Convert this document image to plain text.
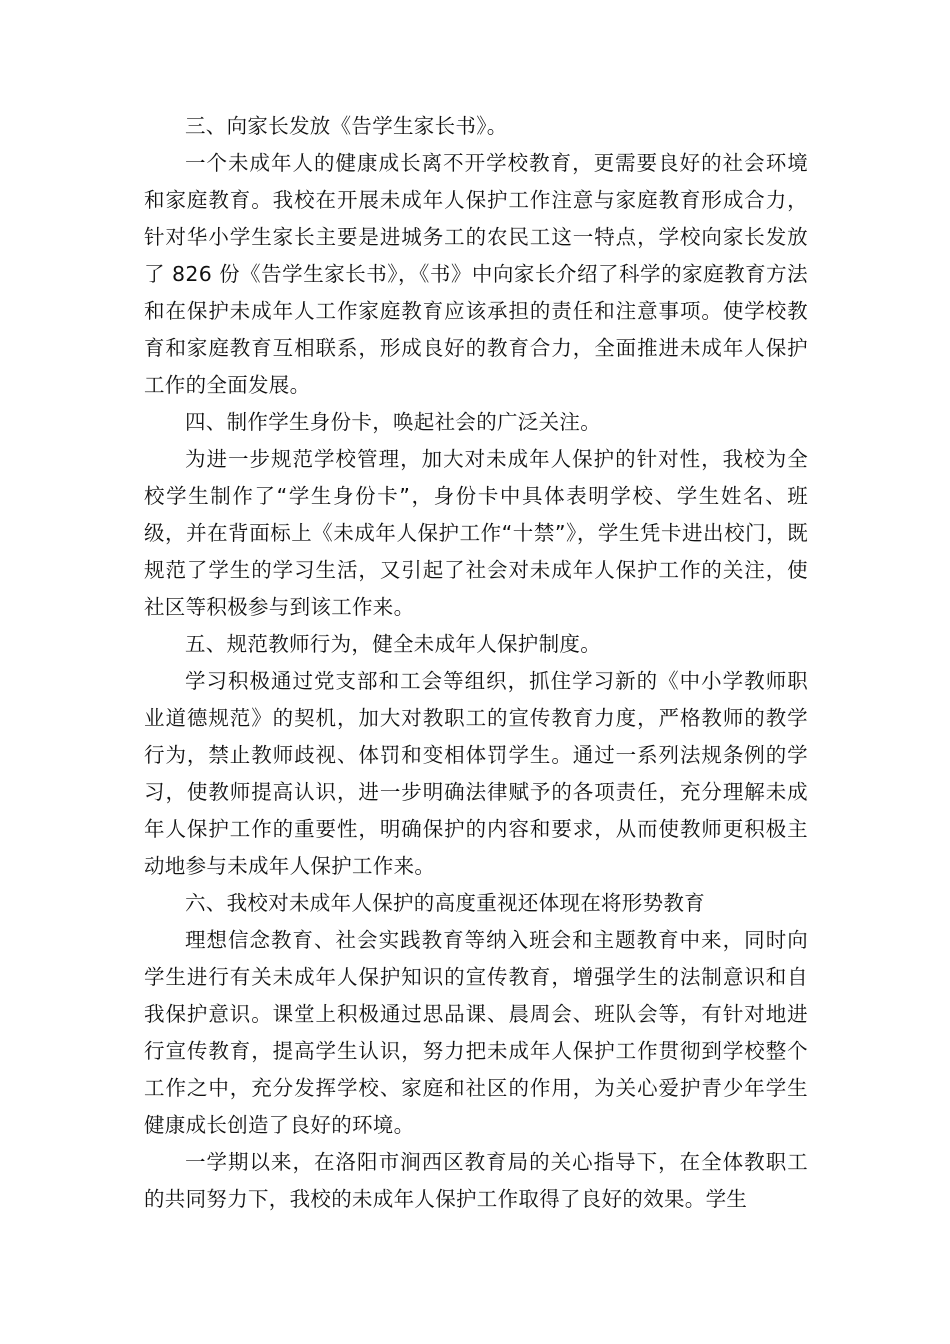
三、向家长发放《告学生家长书》。

一个未成年人的健康成长离不开学校教育，更需要良好的社会环境和家庭教育。我校在开展未成年人保护工作注意与家庭教育形成合力，针对华小学生家长主要是进城务工的农民工这一特点，学校向家长发放了 826 份《告学生家长书》，《书》中向家长介绍了科学的家庭教育方法和在保护未成年人工作家庭教育应该承担的责任和注意事项。使学校教育和家庭教育互相联系，形成良好的教育合力，全面推进未成年人保护工作的全面发展。

四、制作学生身份卡，唤起社会的广泛关注。

为进一步规范学校管理，加大对未成年人保护的针对性，我校为全校学生制作了“学生身份卡”，身份卡中具体表明学校、学生姓名、班级，并在背面标上《未成年人保护工作“十禁”》，学生凭卡进出校门，既规范了学生的学习生活，又引起了社会对未成年人保护工作的关注，使社区等积极参与到该工作来。

五、规范教师行为，健全未成年人保护制度。

学习积极通过党支部和工会等组织，抓住学习新的《中小学教师职业道德规范》的契机，加大对教职工的宣传教育力度，严格教师的教学行为，禁止教师歧视、体罚和变相体罚学生。通过一系列法规条例的学习，使教师提高认识，进一步明确法律赋予的各项责任，充分理解未成年人保护工作的重要性，明确保护的内容和要求，从而使教师更积极主动地参与未成年人保护工作来。

六、我校对未成年人保护的高度重视还体现在将形势教育

理想信念教育、社会实践教育等纳入班会和主题教育中来，同时向学生进行有关未成年人保护知识的宣传教育，增强学生的法制意识和自我保护意识。课堂上积极通过思品课、晨周会、班队会等，有针对地进行宣传教育，提高学生认识，努力把未成年人保护工作贯彻到学校整个工作之中，充分发挥学校、家庭和社区的作用，为关心爱护青少年学生健康成长创造了良好的环境。

一学期以来，在洛阳市涧西区教育局的关心指导下，在全体教职工的共同努力下，我校的未成年人保护工作取得了良好的效果。学生
